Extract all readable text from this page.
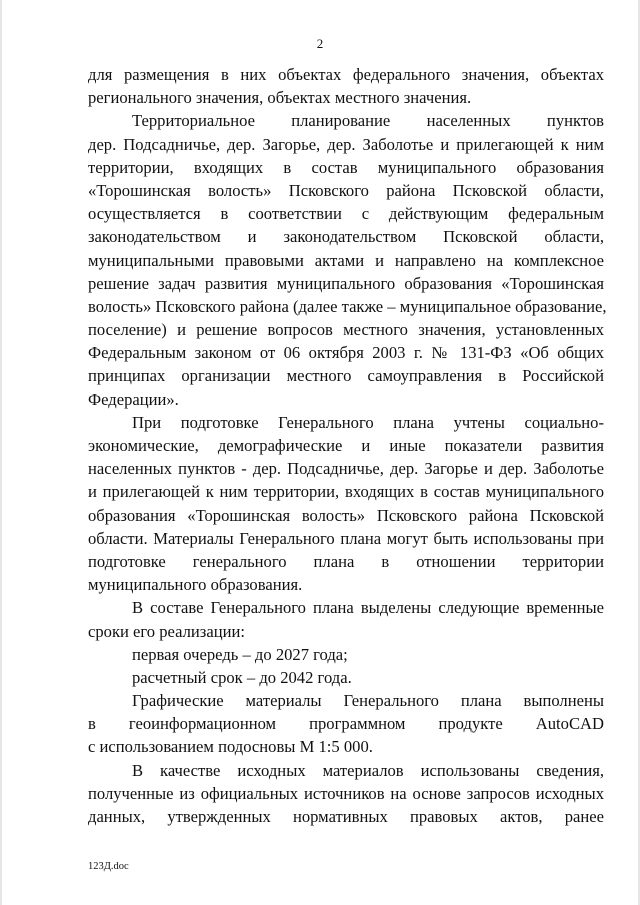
2
для размещения в них объектах федерального значения, объектах
регионального значения, объектах местного значения.
Территориальное планирование населенных пунктов
дер. Подсадничье, дер. Загорье, дер. Заболотье и прилегающей к ним
территории, входящих в состав муниципального образования
«Торошинская волость» Псковского района Псковской области,
осуществляется в соответствии с действующим федеральным
законодательством и законодательством Псковской области,
муниципальными правовыми актами и направлено на комплексное
решение задач развития муниципального образования «Торошинская
волость» Псковского района (далее также – муниципальное образование,
поселение) и решение вопросов местного значения, установленных
Федеральным законом от 06 октября 2003 г. № 131-ФЗ «Об общих
принципах организации местного самоуправления в Российской
Федерации».
При подготовке Генерального плана учтены социально-
экономические, демографические и иные показатели развития
населенных пунктов - дер. Подсадничье, дер. Загорье и дер. Заболотье
и прилегающей к ним территории, входящих в состав муниципального
образования «Торошинская волость» Псковского района Псковской
области. Материалы Генерального плана могут быть использованы при
подготовке генерального плана в отношении территории
муниципального образования.
В составе Генерального плана выделены следующие временные
сроки его реализации:
первая очередь – до 2027 года;
расчетный срок – до 2042 года.
Графические материалы Генерального плана выполнены
в геоинформационном программном продукте AutoCAD
с использованием подосновы М 1:5 000.
В качестве исходных материалов использованы сведения,
полученные из официальных источников на основе запросов исходных
данных, утвержденных нормативных правовых актов, ранее
123Д.doc
